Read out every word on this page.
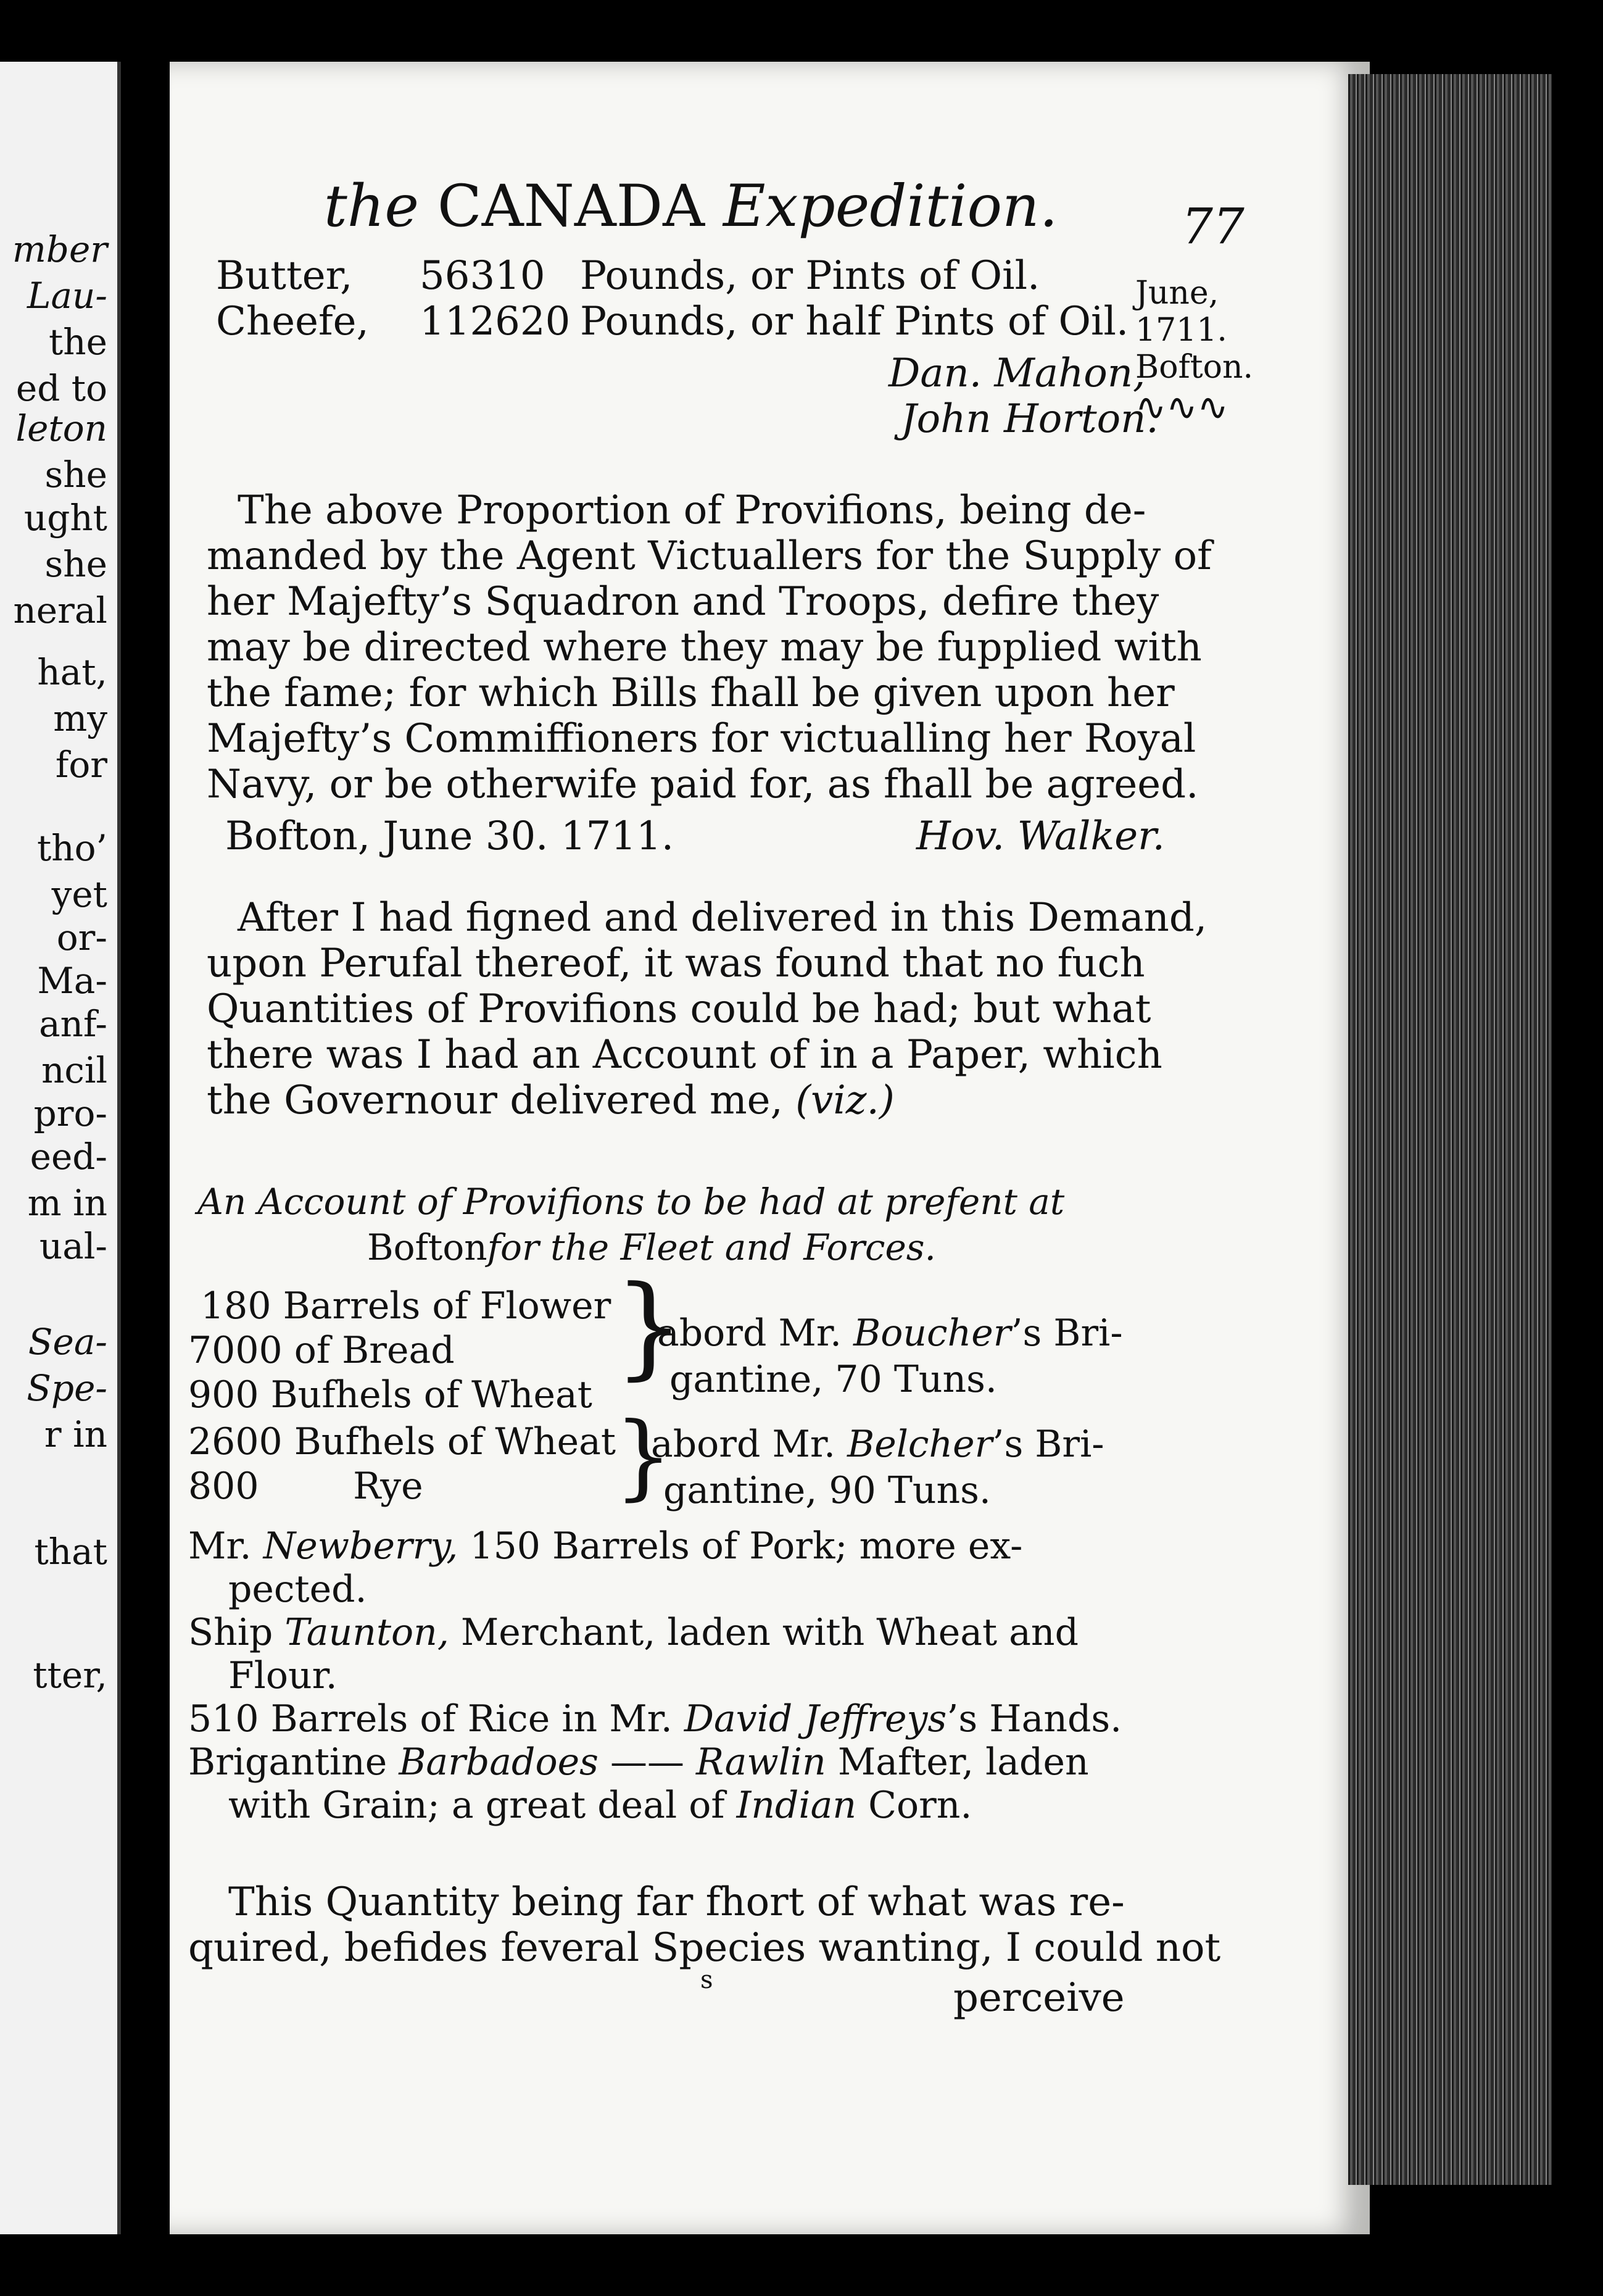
mber
Lau-
the
ed to
leton
she
ught
she
neral
hat,
my
for
tho’
yet
or-
Ma-
anf-
ncil
pro-
eed-
m in
ual-
Sea-
Spe-
r in
that
tter,
the CANADA Expedition.	77
June,
1711.
Bofton.
∿∿∿
Butter, 56310 Pounds, or Pints of Oil.
Cheefe, 112620 Pounds, or half Pints of Oil.
Dan. Mahon,
John Horton.
The above Proportion of Provifions, being de-
manded by the Agent Victuallers for the Supply of
her Majefty’s Squadron and Troops, defire they
may be directed where they may be fupplied with
the fame; for which Bills fhall be given upon her
Majefty’s Commiffioners for victualling her Royal
Navy, or be otherwife paid for, as fhall be agreed.
Bofton, June 30. 1711.	Hov. Walker.
After I had figned and delivered in this Demand,
upon Perufal thereof, it was found that no fuch
Quantities of Provifions could be had; but what
there was I had an Account of in a Paper, which
the Governour delivered me, (viz.)
An Account of Provifions to be had at prefent at
Boftonfor the Fleet and Forces.
180 Barrels of Flower
7000 of Bread
900 Bufhels of Wheat
}
abord Mr. Boucher’s Bri-
gantine, 70 Tuns.
2600 Bufhels of Wheat
800        Rye	}
abord Mr. Belcher’s Bri-
gantine, 90 Tuns.
Mr. Newberry, 150 Barrels of Pork; more ex-
pected.
Ship Taunton, Merchant, laden with Wheat and
Flour.
510 Barrels of Rice in Mr. David Jeffreys’s Hands.
Brigantine Barbadoes —— Rawlin Mafter, laden
with Grain; a great deal of Indian Corn.
This Quantity being far fhort of what was re-
quired, befides feveral Species wanting, I could not
s	perceive
